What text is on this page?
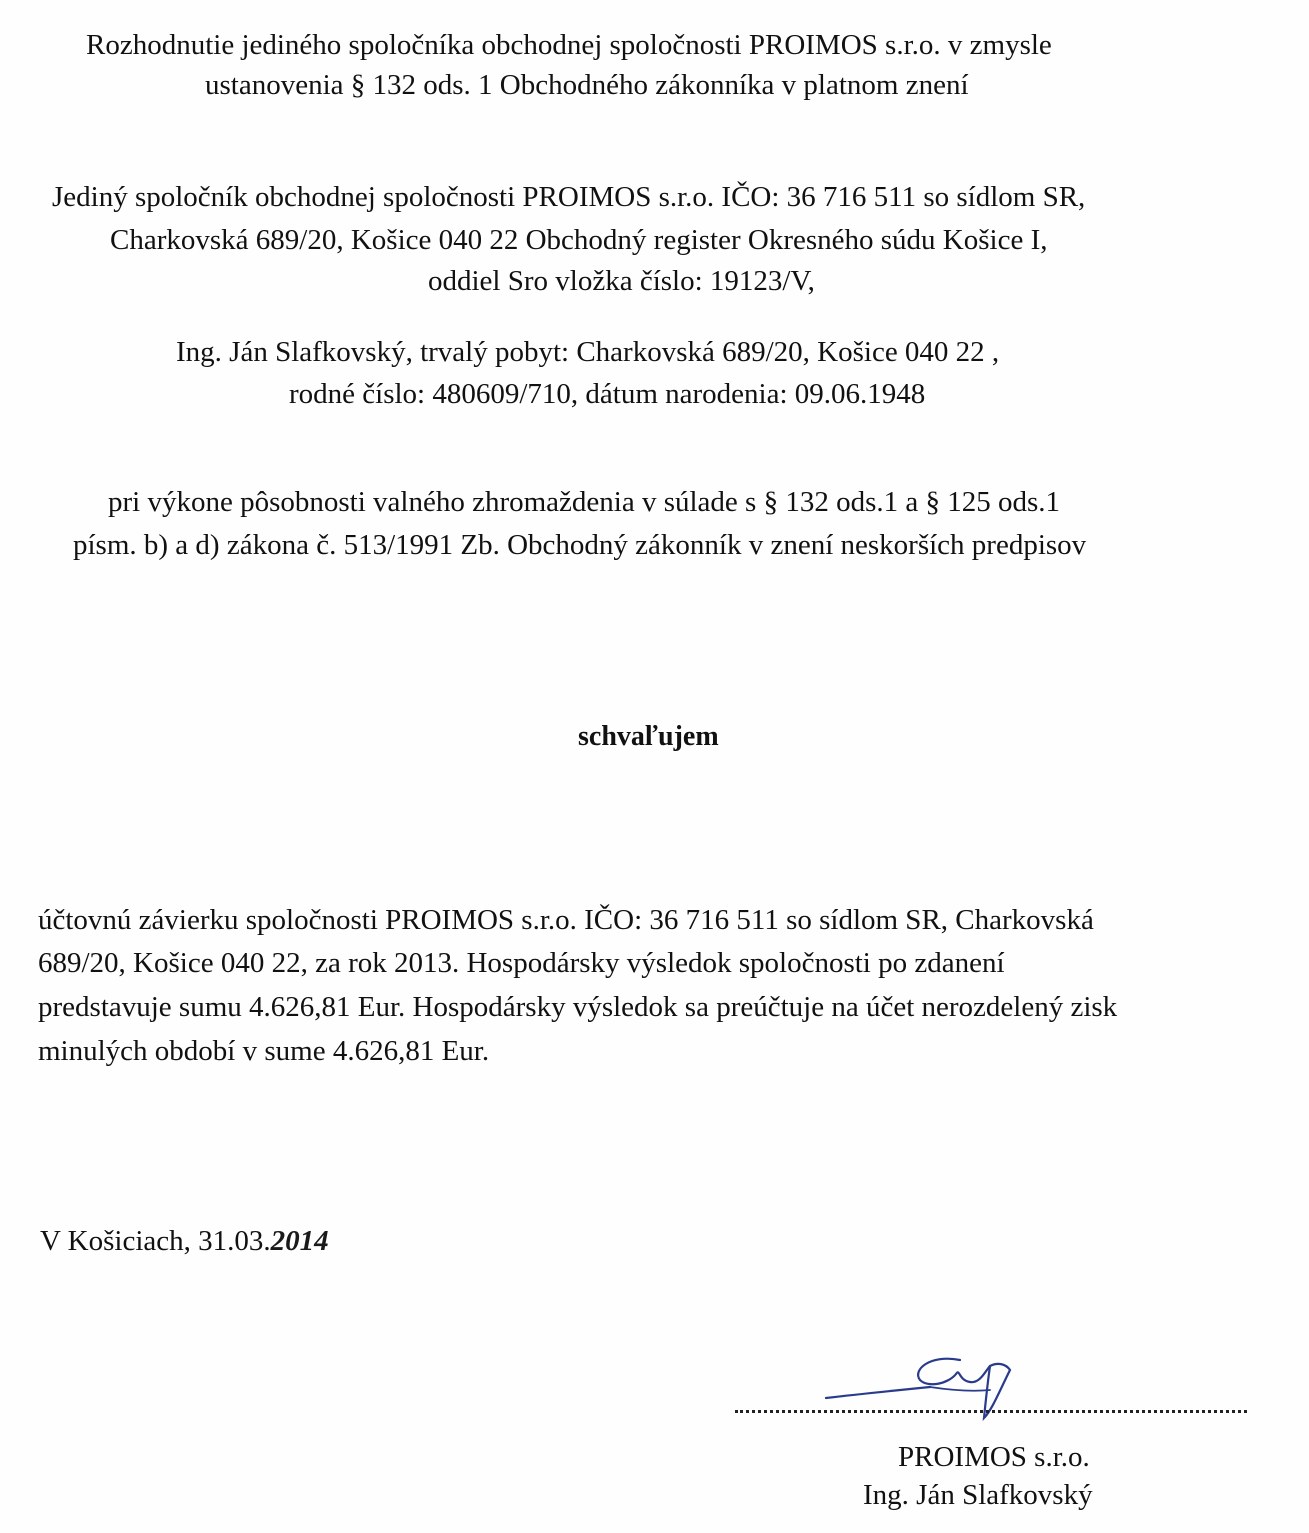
Rozhodnutie jediného spoločníka obchodnej spoločnosti PROIMOS s.r.o. v zmysle
ustanovenia § 132 ods. 1 Obchodného zákonníka v platnom znení
Jediný spoločník obchodnej spoločnosti PROIMOS s.r.o. IČO: 36 716 511 so sídlom SR,
Charkovská 689/20, Košice 040 22 Obchodný register Okresného súdu Košice I,
oddiel Sro vložka číslo: 19123/V,
Ing. Ján Slafkovský, trvalý pobyt: Charkovská 689/20, Košice 040 22 ,
rodné číslo: 480609/710, dátum narodenia: 09.06.1948
pri výkone pôsobnosti valného zhromaždenia v súlade s § 132 ods.1 a § 125 ods.1
písm. b) a d) zákona č. 513/1991 Zb. Obchodný zákonník v znení neskorších predpisov
schvaľujem
účtovnú závierku spoločnosti PROIMOS s.r.o. IČO: 36 716 511 so sídlom SR, Charkovská
689/20, Košice 040 22, za rok 2013. Hospodársky výsledok spoločnosti po zdanení
predstavuje sumu 4.626,81 Eur. Hospodársky výsledok sa preúčtuje na účet nerozdelený zisk
minulých období v sume 4.626,81 Eur.
V Košiciach, 31.03.2014
PROIMOS s.r.o.
Ing. Ján Slafkovský
